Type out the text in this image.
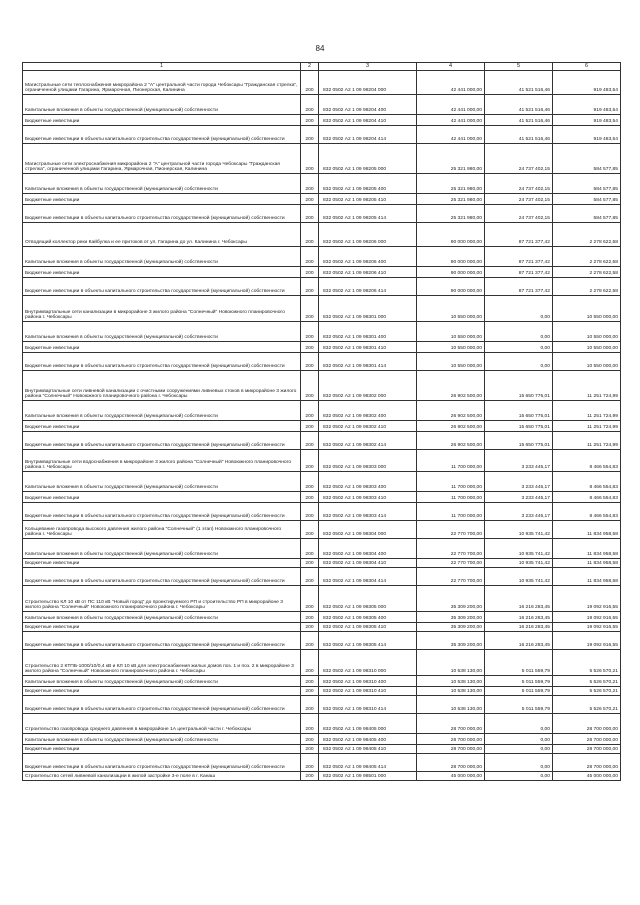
84
1	2	3	4	5	6
Магистральные сети теплоснабжения микрорайона 2 "А" центральной части города Чебоксары "Гражданская стрелка", ограниченной улицами Гагарина, Ярмарочная, Пионерская, Калинина	200	832 0502 А2 1 09 98204 000	42 441 000,00	41 521 516,46	919 483,54
Капитальные вложения в объекты государственной (муниципальной) собственности	200	832 0502 А2 1 09 98204 400	42 441 000,00	41 521 516,46	919 483,54
Бюджетные инвестиции	200	832 0502 А2 1 09 98204 410	42 441 000,00	41 521 516,46	919 483,54
Бюджетные инвестиции в объекты капитального строительства государственной (муниципальной) собственности	200	832 0502 А2 1 09 98204 414	42 441 000,00	41 521 516,46	919 483,54
Магистральные сети электроснабжения микрорайона 2 "А" центральной части города Чебоксары "Гражданская стрелка", ограниченной улицами Гагарина, Ярмарочная, Пионерская, Калинина	200	832 0502 А2 1 09 98205 000	25 321 980,00	24 737 402,15	584 577,85
Капитальные вложения в объекты государственной (муниципальной) собственности	200	832 0502 А2 1 09 98205 400	25 321 980,00	24 737 402,15	584 577,85
Бюджетные инвестиции	200	832 0502 А2 1 09 98205 410	25 321 980,00	24 737 402,15	584 577,85
Бюджетные инвестиции в объекты капитального строительства государственной (муниципальной) собственности	200	832 0502 А2 1 09 98205 414	25 321 980,00	24 737 402,15	584 577,85
Отводящий коллектор реки Кайбулка и ее притоков от ул. Гагарина до ул. Калинина г. Чебоксары	200	832 0502 А2 1 09 98206 000	90 000 000,00	87 721 377,42	2 278 622,58
Капитальные вложения в объекты государственной (муниципальной) собственности	200	832 0502 А2 1 09 98206 400	90 000 000,00	87 721 377,42	2 278 622,58
Бюджетные инвестиции	200	832 0502 А2 1 09 98206 410	90 000 000,00	87 721 377,42	2 278 622,58
Бюджетные инвестиции в объекты капитального строительства государственной (муниципальной) собственности	200	832 0502 А2 1 09 98206 414	90 000 000,00	87 721 377,42	2 278 622,58
Внутриквартальные сети канализации в микрорайоне 3 жилого района "Солнечный" Новоюжного планировочного района г. Чебоксары	200	832 0502 А2 1 09 98301 000	10 550 000,00	0,00	10 550 000,00
Капитальные вложения в объекты государственной (муниципальной) собственности	200	832 0502 А2 1 09 98301 400	10 550 000,00	0,00	10 550 000,00
Бюджетные инвестиции	200	832 0502 А2 1 09 98301 410	10 550 000,00	0,00	10 550 000,00
Бюджетные инвестиции в объекты капитального строительства государственной (муниципальной) собственности	200	832 0502 А2 1 09 98301 414	10 550 000,00	0,00	10 550 000,00
Внутриквартальные сети ливневой канализации с очистными сооружениями ливневых стоков в микрорайоне 3 жилого района "Солнечный" Новоюжного планировочного района г. Чебоксары	200	832 0502 А2 1 09 98302 000	26 902 500,00	15 650 775,01	11 251 724,99
Капитальные вложения в объекты государственной (муниципальной) собственности	200	832 0502 А2 1 09 98302 400	26 902 500,00	15 650 775,01	11 251 724,99
Бюджетные инвестиции	200	832 0502 А2 1 09 98302 410	26 902 500,00	15 650 775,01	11 251 724,99
Бюджетные инвестиции в объекты капитального строительства государственной (муниципальной) собственности	200	832 0502 А2 1 09 98302 414	26 902 500,00	15 650 775,01	11 251 724,99
Внутриквартальные сети водоснабжения в микрорайоне 3 жилого района "Солнечный" Новоюжного планировочного района г. Чебоксары	200	832 0502 А2 1 09 98303 000	11 700 000,00	3 233 445,17	8 466 554,83
Капитальные вложения в объекты государственной (муниципальной) собственности	200	832 0502 А2 1 09 98303 400	11 700 000,00	3 233 445,17	8 466 554,83
Бюджетные инвестиции	200	832 0502 А2 1 09 98303 410	11 700 000,00	3 233 445,17	8 466 554,83
Бюджетные инвестиции в объекты капитального строительства государственной (муниципальной) собственности	200	832 0502 А2 1 09 98303 414	11 700 000,00	3 233 445,17	8 466 554,83
Кольцевание газопровода высокого давления жилого района "Солнечный" (1 этап) Новоюжного планировочного района г. Чебоксары	200	832 0502 А2 1 09 98304 000	22 770 700,00	10 935 741,42	11 834 958,58
Капитальные вложения в объекты государственной (муниципальной) собственности	200	832 0502 А2 1 09 98304 400	22 770 700,00	10 935 741,42	11 834 958,58
Бюджетные инвестиции	200	832 0502 А2 1 09 98304 410	22 770 700,00	10 935 741,42	11 834 958,58
Бюджетные инвестиции в объекты капитального строительства государственной (муниципальной) собственности	200	832 0502 А2 1 09 98304 414	22 770 700,00	10 935 741,42	11 834 958,58
Строительство КЛ 10 кВ от ПС 110 кВ "Новый город" до проектируемого РП и строительство РП в микрорайоне 3 жилого района "Солнечный" Новоюжного планировочного района г. Чебоксары	200	832 0502 А2 1 09 98305 000	35 309 200,00	16 216 283,45	19 092 916,55
Капитальные вложения в объекты государственной (муниципальной) собственности	200	832 0502 А2 1 09 98305 400	35 309 200,00	16 216 283,45	19 092 916,55
Бюджетные инвестиции	200	832 0502 А2 1 09 98305 410	35 309 200,00	16 216 283,45	19 092 916,55
Бюджетные инвестиции в объекты капитального строительства государственной (муниципальной) собственности	200	832 0502 А2 1 09 98305 414	35 309 200,00	16 216 283,45	19 092 916,55
Строительство 2 КТПБ-1000/10/0,4 кВ и КЛ 10 кВ для электроснабжения жилых домов поз. 1 и поз. 2 в микрорайоне 3 жилого района "Солнечный" Новоюжного планировочного района г. Чебоксары	200	832 0502 А2 1 09 98310 000	10 538 130,00	5 011 559,79	5 526 570,21
Капитальные вложения в объекты государственной (муниципальной) собственности	200	832 0502 А2 1 09 98310 400	10 538 130,00	5 011 559,79	5 526 570,21
Бюджетные инвестиции	200	832 0502 А2 1 09 98310 410	10 538 130,00	5 011 559,79	5 526 570,21
Бюджетные инвестиции в объекты капитального строительства государственной (муниципальной) собственности	200	832 0502 А2 1 09 98310 414	10 538 130,00	5 011 559,79	5 526 570,21
Строительство газопровода среднего давления в микрорайоне 1А центральной части г. Чебоксары	200	832 0502 А2 1 09 98405 000	28 700 000,00	0,00	28 700 000,00
Капитальные вложения в объекты государственной (муниципальной) собственности	200	832 0502 А2 1 09 98405 400	28 700 000,00	0,00	28 700 000,00
Бюджетные инвестиции	200	832 0502 А2 1 09 98405 410	28 700 000,00	0,00	28 700 000,00
Бюджетные инвестиции в объекты капитального строительства государственной (муниципальной) собственности	200	832 0502 А2 1 09 98405 414	28 700 000,00	0,00	28 700 000,00
Строительство сетей ливневой канализации в жилой застройке 3-е поле в г. Канаш	200	832 0502 А2 1 09 98501 000	45 000 000,00	0,00	45 000 000,00
